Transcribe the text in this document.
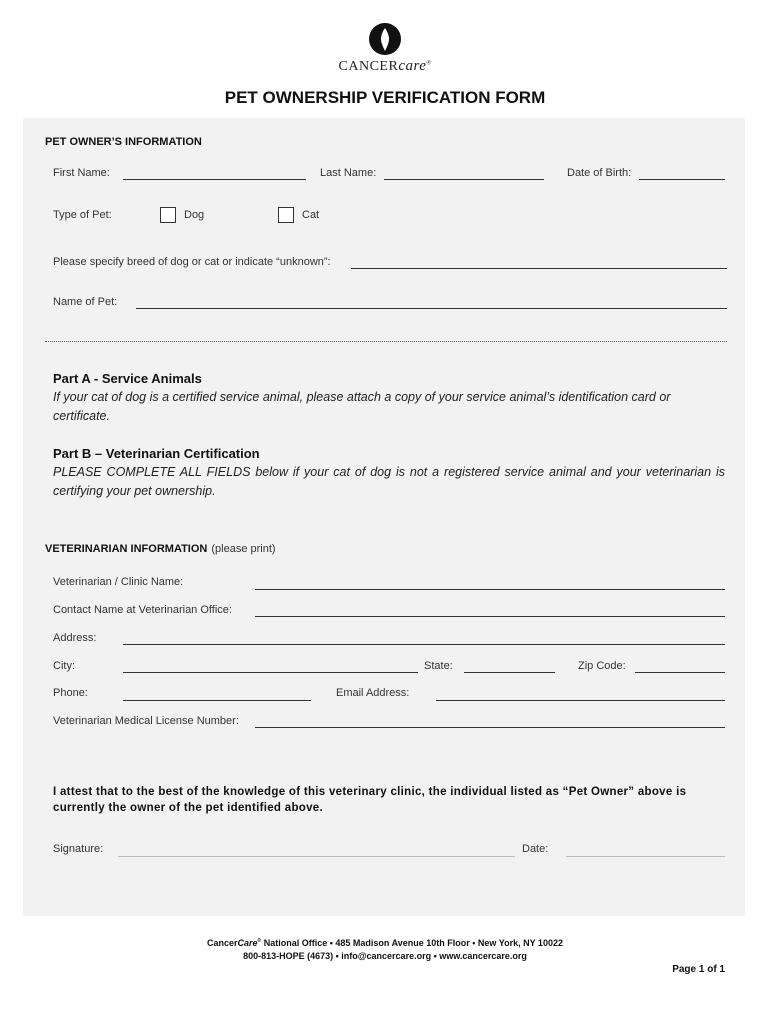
CANCERcare®
PET OWNERSHIP VERIFICATION FORM
PET OWNER’S INFORMATION
First Name:	Last Name:	Date of Birth:
Type of Pet:	Dog	Cat
Please specify breed of dog or cat or indicate “unknown”:
Name of Pet:
Part A - Service Animals
If your cat of dog is a certified service animal, please attach a copy of your service animal’s identification card or certificate.
Part B – Veterinarian Certification
PLEASE COMPLETE ALL FIELDS below if your cat of dog is not a registered service animal and your veterinarian is certifying your pet ownership.
VETERINARIAN INFORMATION (please print)
Veterinarian / Clinic Name:
Contact Name at Veterinarian Office:
Address:
City:	State:	Zip Code:
Phone:	Email Address:
Veterinarian Medical License Number:
I attest that to the best of the knowledge of this veterinary clinic, the individual listed as “Pet Owner” above is currently the owner of the pet identified above.
Signature:	Date:
CancerCare® National Office • 485 Madison Avenue 10th Floor • New York, NY 10022
800-813-HOPE (4673) • info@cancercare.org • www.cancercare.org
Page 1 of 1
